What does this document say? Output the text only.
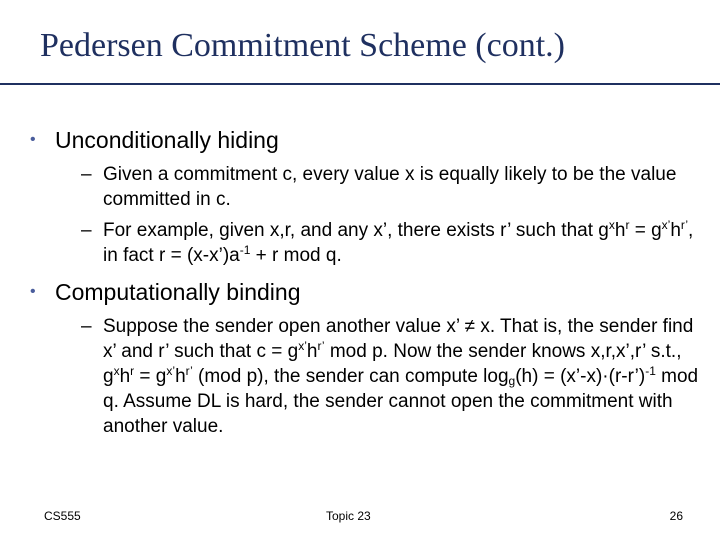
Pedersen Commitment Scheme (cont.)
• Unconditionally hiding
– Given a commitment c, every value x is equally likely to be the value committed in c.
– For example, given x,r, and any x’, there exists r’ such that $g^xh^r = g^{x’}h^{r’}$, in fact $r = (x-x’)a^{-1} + r$ mod q.
• Computationally binding
– Suppose the sender open another value x’ ≠ x. That is, the sender find x’ and r’ such that $c = g^{x’}h^{r’}$ mod p. Now the sender knows x,r,x’,r’ s.t., $g^xh^r = g^{x’}h^{r’}$ (mod p), the sender can compute $\log_g(h)$ = (x’-x)·(r-r’)$^{-1}$ mod q. Assume DL is hard, the sender cannot open the commitment with another value.
CS555	Topic 23	26
